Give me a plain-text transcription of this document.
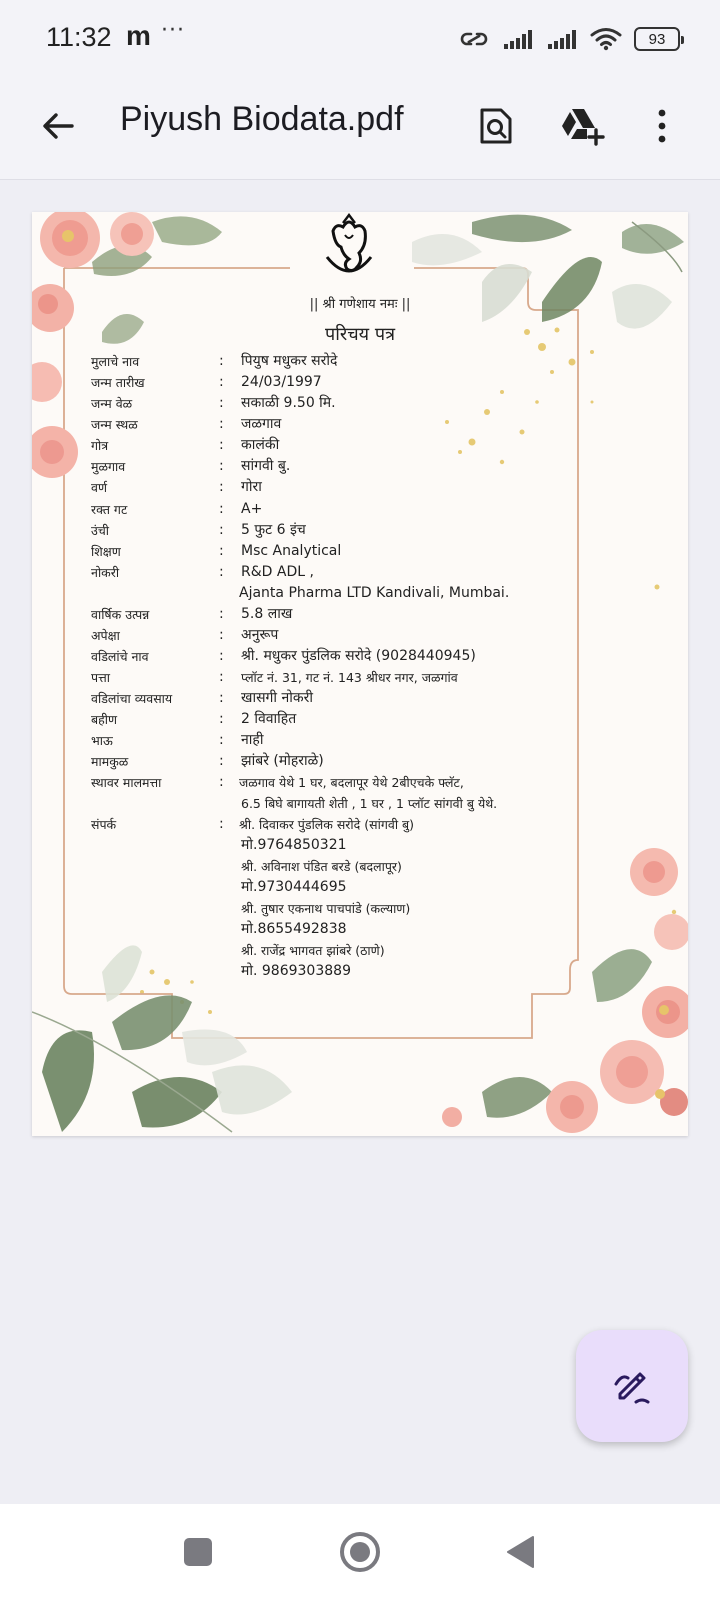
11:32 m ···	93
Piyush Biodata.pdf
|| श्री गणेशाय नमः ||
परिचय पत्र
मुलाचे नाव	: पियुष मधुकर सरोदे
जन्म तारीख	: 24/03/1997
जन्म वेळ	: सकाळी 9.50 मि.
जन्म स्थळ	: जळगाव
गोत्र	: कालंकी
मुळगाव	: सांगवी बु.
वर्ण	: गोरा
रक्त गट	: A+
उंची	: 5 फुट 6 इंच
शिक्षण	: Msc Analytical
नोकरी	: R&D ADL ,
Ajanta Pharma LTD Kandivali, Mumbai.
वार्षिक उत्पन्न	: 5.8 लाख
अपेक्षा	: अनुरूप
वडिलांचे नाव	: श्री. मधुकर पुंडलिक सरोदे (9028440945)
पत्ता	: प्लॉट नं. 31, गट नं. 143 श्रीधर नगर, जळगांव
वडिलांचा व्यवसाय	: खासगी नोकरी
बहीण	: 2 विवाहित
भाऊ	: नाही
मामकुळ	: झांबरे (मोहराळे)
स्थावर मालमत्ता	: जळगाव येथे 1 घर, बदलापूर येथे 2बीएचके फ्लॅट,
6.5 बिघे बागायती शेती , 1 घर , 1 प्लॉट सांगवी बु येथे.
संपर्क	: श्री. दिवाकर पुंडलिक सरोदे (सांगवी बु)
मो.9764850321
श्री. अविनाश पंडित बरडे (बदलापूर)
मो.9730444695
श्री. तुषार एकनाथ पाचपांडे (कल्याण)
मो.8655492838
श्री. राजेंद्र भागवत झांबरे (ठाणे)
मो. 9869303889
